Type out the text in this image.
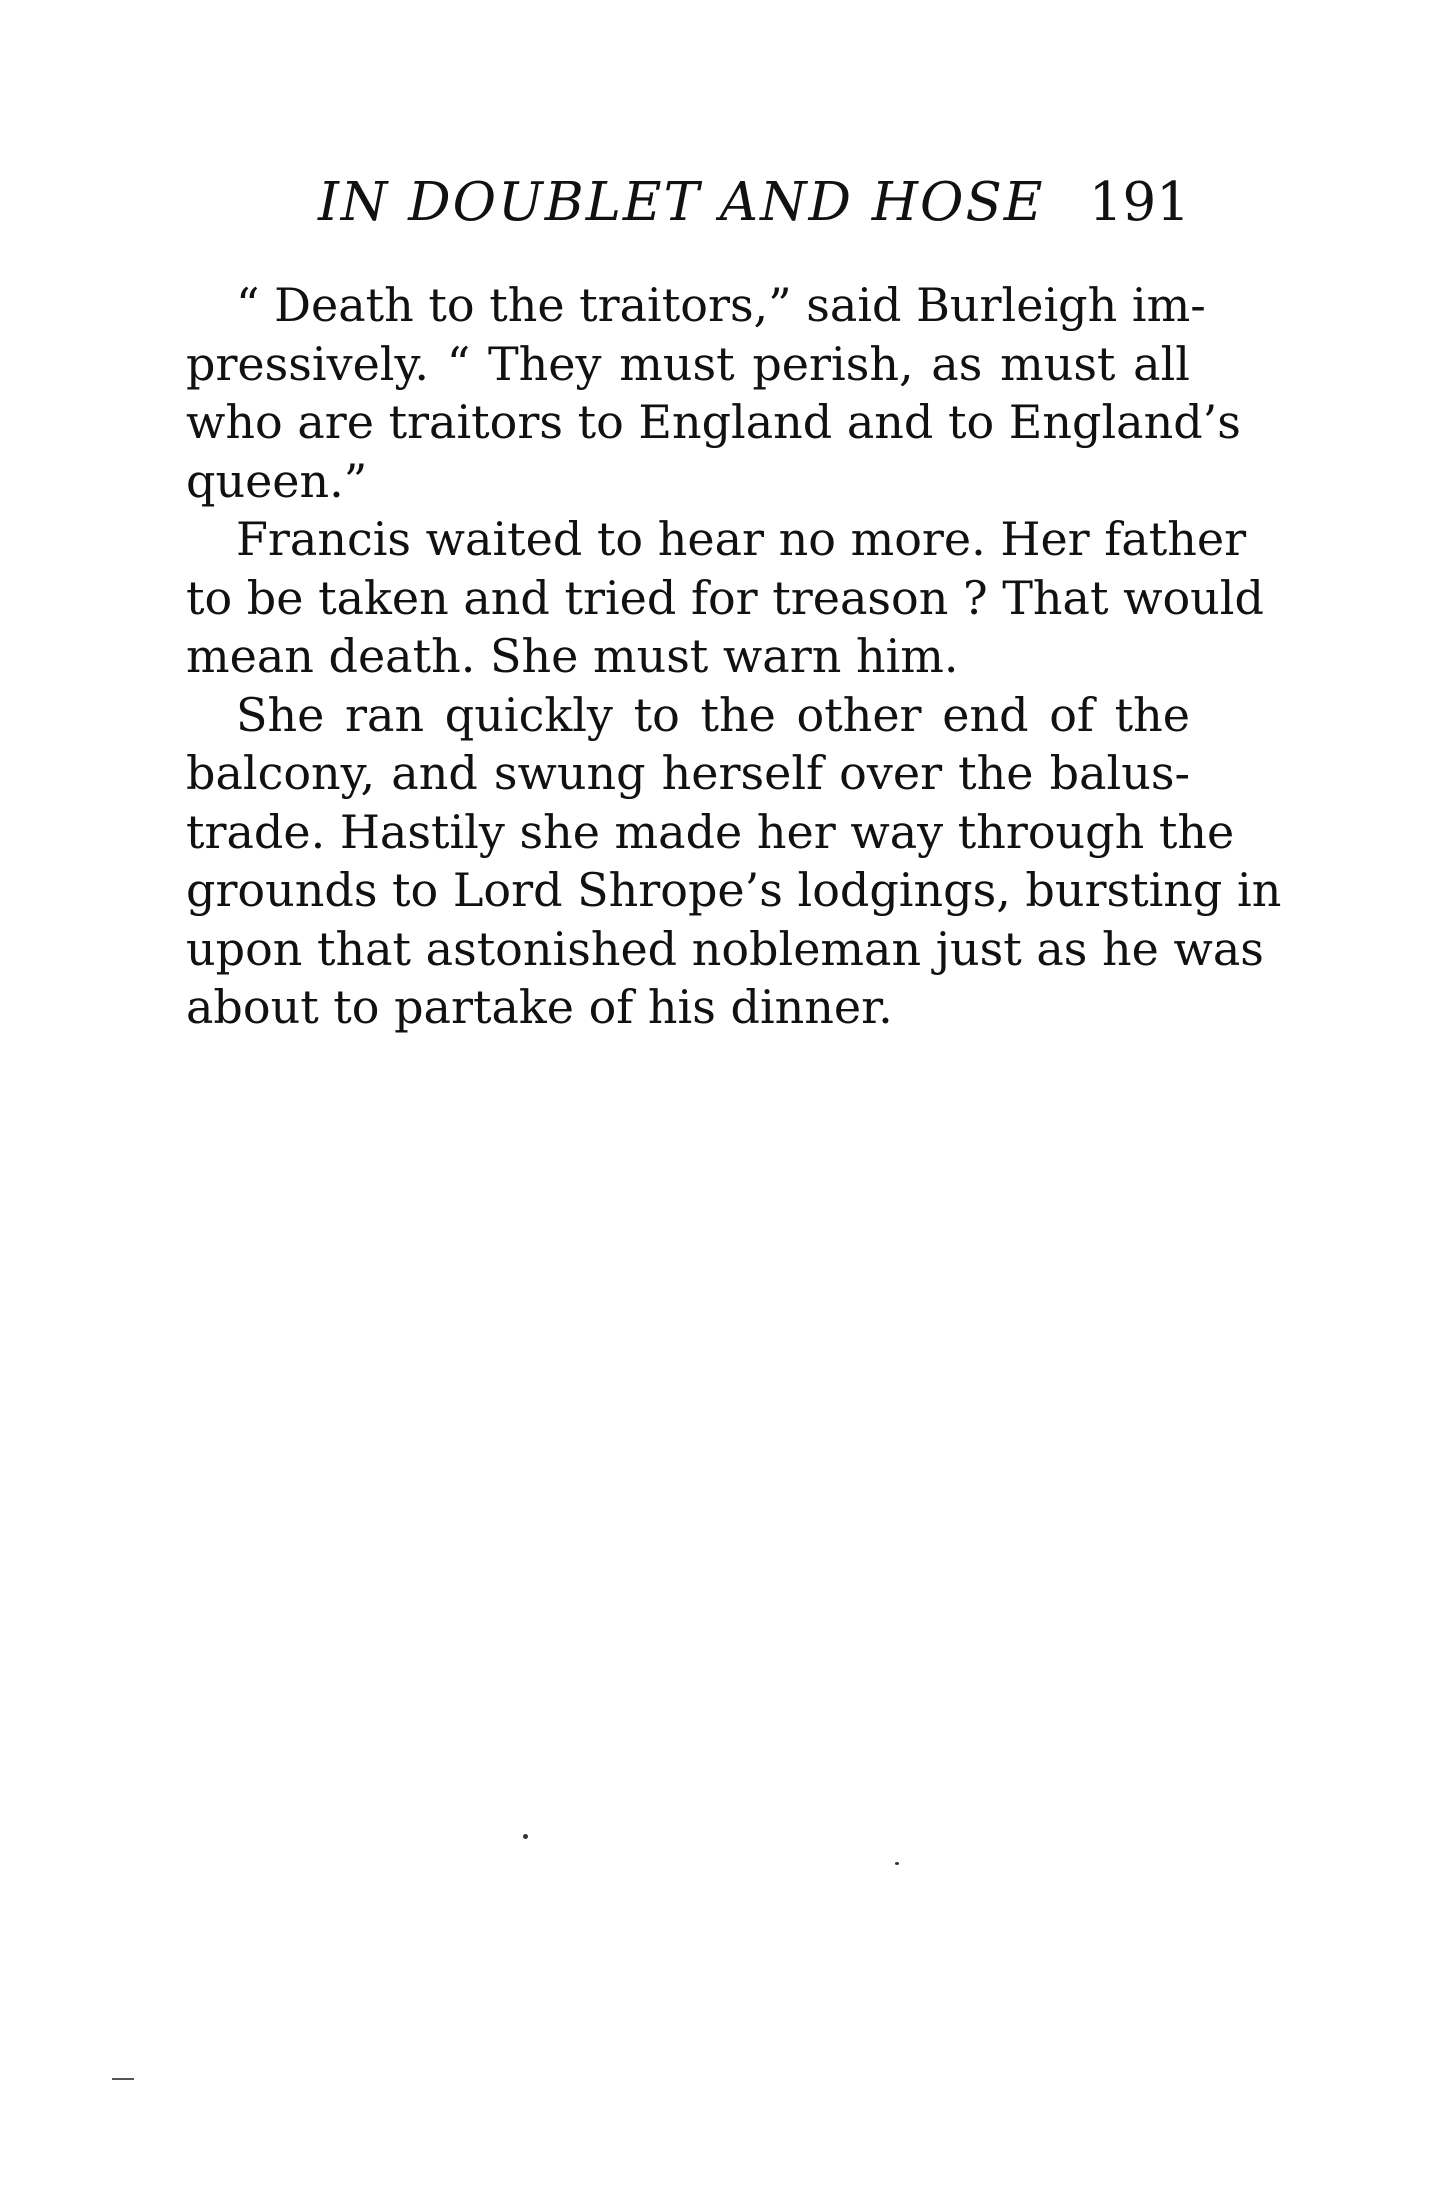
IN DOUBLET AND HOSE 191
“ Death to the traitors,” said Burleigh im-
pressively. “ They must perish, as must all
who are traitors to England and to England’s
queen.”
Francis waited to hear no more. Her father
to be taken and tried for treason ? That would
mean death. She must warn him.
She ran quickly to the other end of the
balcony, and swung herself over the balus-
trade. Hastily she made her way through the
grounds to Lord Shrope’s lodgings, bursting in
upon that astonished nobleman just as he was
about to partake of his dinner.
